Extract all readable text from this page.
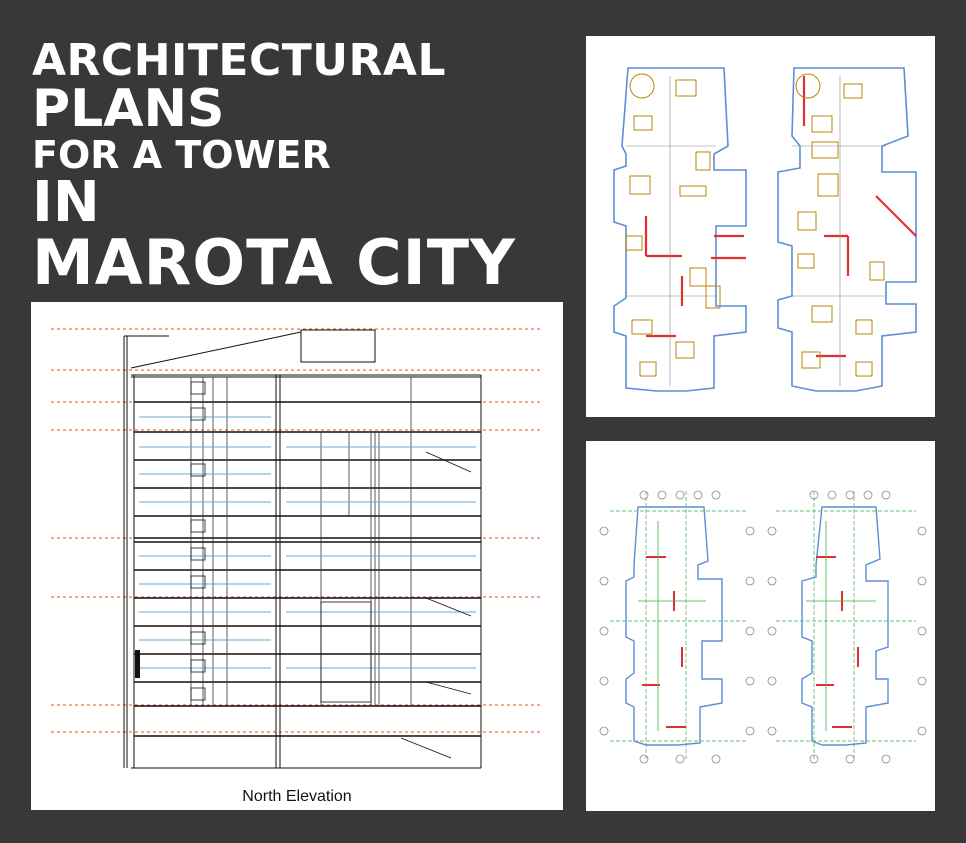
ARCHITECTURAL
PLANS
FOR A TOWER
IN
MAROTA CITY
North Elevation
